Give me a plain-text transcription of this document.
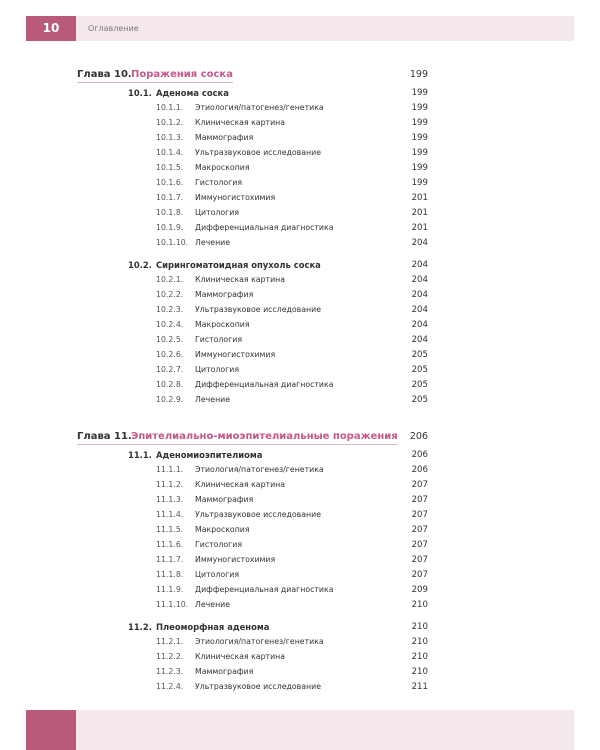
10	Оглавление
Глава 10. Поражения соска	199
10.1. Аденома соска	199
10.1.1. Этиология/патогенез/генетика	199
10.1.2. Клиническая картина	199
10.1.3. Маммография	199
10.1.4. Ультразвуковое исследование	199
10.1.5. Макроскопия	199
10.1.6. Гистология	199
10.1.7. Иммуногистохимия	201
10.1.8. Цитология	201
10.1.9. Дифференциальная диагностика	201
10.1.10. Лечение	204
10.2. Сирингоматоидная опухоль соска	204
10.2.1. Клиническая картина	204
10.2.2. Маммография	204
10.2.3. Ультразвуковое исследование	204
10.2.4. Макроскопия	204
10.2.5. Гистология	204
10.2.6. Иммуногистохимия	205
10.2.7. Цитология	205
10.2.8. Дифференциальная диагностика	205
10.2.9. Лечение	205
Глава 11. Эпителиально-миоэпителиальные поражения	206
11.1. Аденомиоэпителиома	206
11.1.1. Этиология/патогенез/генетика	206
11.1.2. Клиническая картина	207
11.1.3. Маммография	207
11.1.4. Ультразвуковое исследование	207
11.1.5. Макроскопия	207
11.1.6. Гистология	207
11.1.7. Иммуногистохимия	207
11.1.8. Цитология	207
11.1.9. Дифференциальная диагностика	209
11.1.10. Лечение	210
11.2. Плеоморфная аденома	210
11.2.1. Этиология/патогенез/генетика	210
11.2.2. Клиническая картина	210
11.2.3. Маммография	210
11.2.4. Ультразвуковое исследование	211
